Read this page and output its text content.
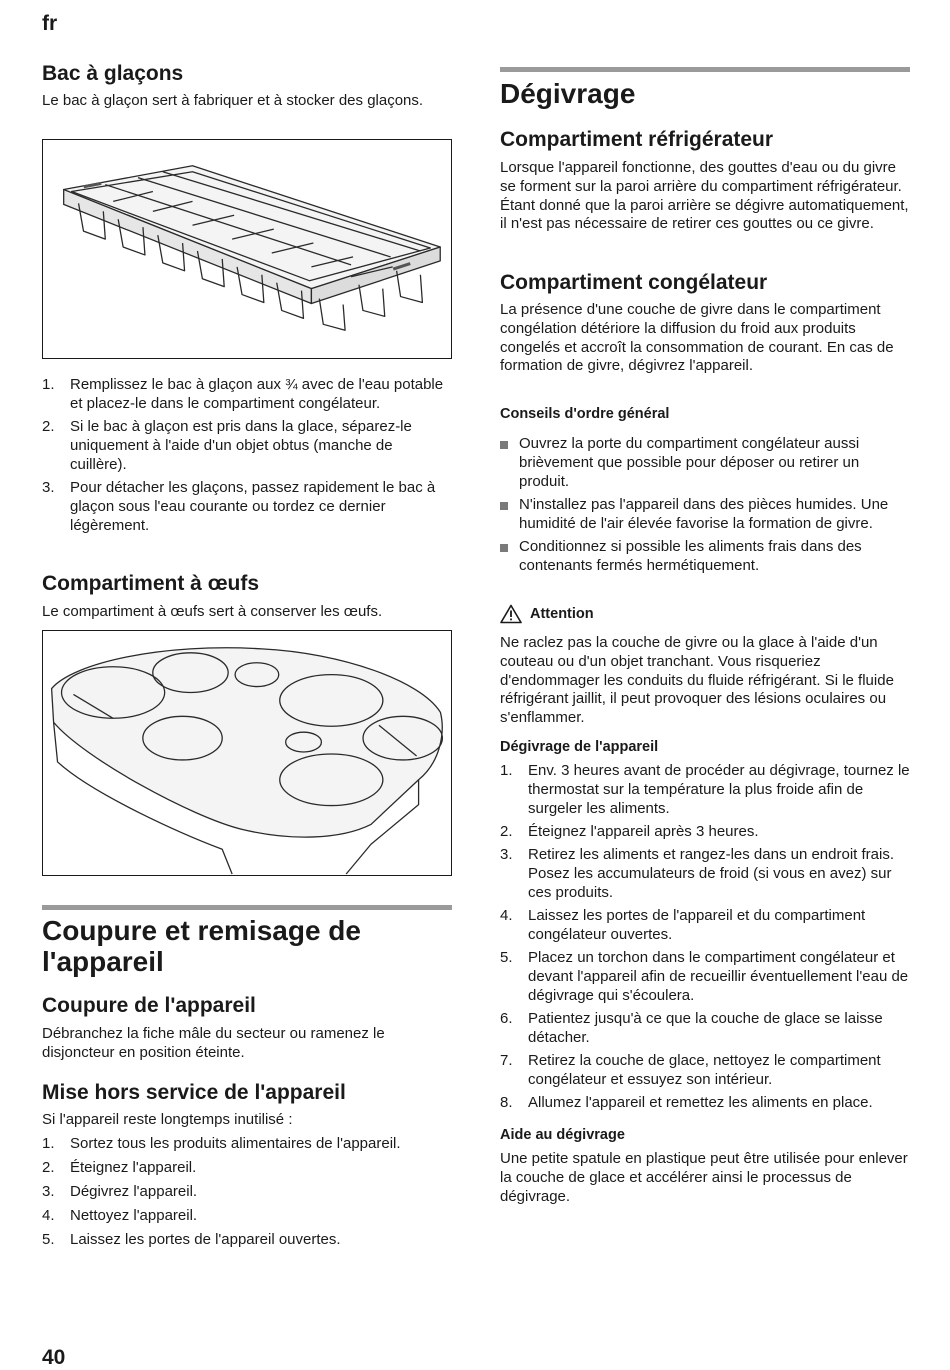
fr
Bac à glaçons

Le bac à glaçon sert à fabriquer et à stocker des glaçons.

1. Remplissez le bac à glaçon aux ¾ avec de l'eau potable et placez-le dans le compartiment congélateur.
2. Si le bac à glaçon est pris dans la glace, séparez-le uniquement à l'aide d'un objet obtus (manche de cuillère).
3. Pour détacher les glaçons, passez rapidement le bac à glaçon sous l'eau courante ou tordez ce dernier légèrement.
Compartiment à œufs

Le compartiment à œufs sert à conserver les œufs.

Coupure et remisage de l'appareil
Coupure de l'appareil

Débranchez la fiche mâle du secteur ou ramenez le disjoncteur en position éteinte.

Mise hors service de l'appareil

Si l'appareil reste longtemps inutilisé :

1. Sortez tous les produits alimentaires de l'appareil.
2. Éteignez l'appareil.
3. Dégivrez l'appareil.
4. Nettoyez l'appareil.
5. Laissez les portes de l'appareil ouvertes.
Dégivrage
Compartiment réfrigérateur

Lorsque l'appareil fonctionne, des gouttes d'eau ou du givre se forment sur la paroi arrière du compartiment réfrigérateur. Étant donné que la paroi arrière se dégivre automatiquement, il n'est pas nécessaire de retirer ces gouttes ou ce givre.

Compartiment congélateur

La présence d'une couche de givre dans le compartiment congélation détériore la diffusion du froid aux produits congelés et accroît la consommation de courant. En cas de formation de givre, dégivrez l'appareil.

Conseils d'ordre général
Ouvrez la porte du compartiment congélateur aussi brièvement que possible pour déposer ou retirer un produit.
N'installez pas l'appareil dans des pièces humides. Une humidité de l'air élevée favorise la formation de givre.
Conditionnez si possible les aliments frais dans des contenants fermés hermétiquement.
Attention

Ne raclez pas la couche de givre ou la glace à l'aide d'un couteau ou d'un objet tranchant. Vous risqueriez d'endommager les conduits du fluide réfrigérant. Si le fluide réfrigérant jaillit, il peut provoquer des lésions oculaires ou s'enflammer.

Dégivrage de l'appareil
1. Env. 3 heures avant de procéder au dégivrage, tournez le thermostat sur la température la plus froide afin de surgeler les aliments.
2. Éteignez l'appareil après 3 heures.
3. Retirez les aliments et rangez-les dans un endroit frais. Posez les accumulateurs de froid (si vous en avez) sur ces produits.
4. Laissez les portes de l'appareil et du compartiment congélateur ouvertes.
5. Placez un torchon dans le compartiment congélateur et devant l'appareil afin de recueillir éventuellement l'eau de dégivrage qui s'écoulera.
6. Patientez jusqu'à ce que la couche de glace se laisse détacher.
7. Retirez la couche de glace, nettoyez le compartiment congélateur et essuyez son intérieur.
8. Allumez l'appareil et remettez les aliments en place.
Aide au dégivrage

Une petite spatule en plastique peut être utilisée pour enlever la couche de glace et accélérer ainsi le processus de dégivrage.

40
